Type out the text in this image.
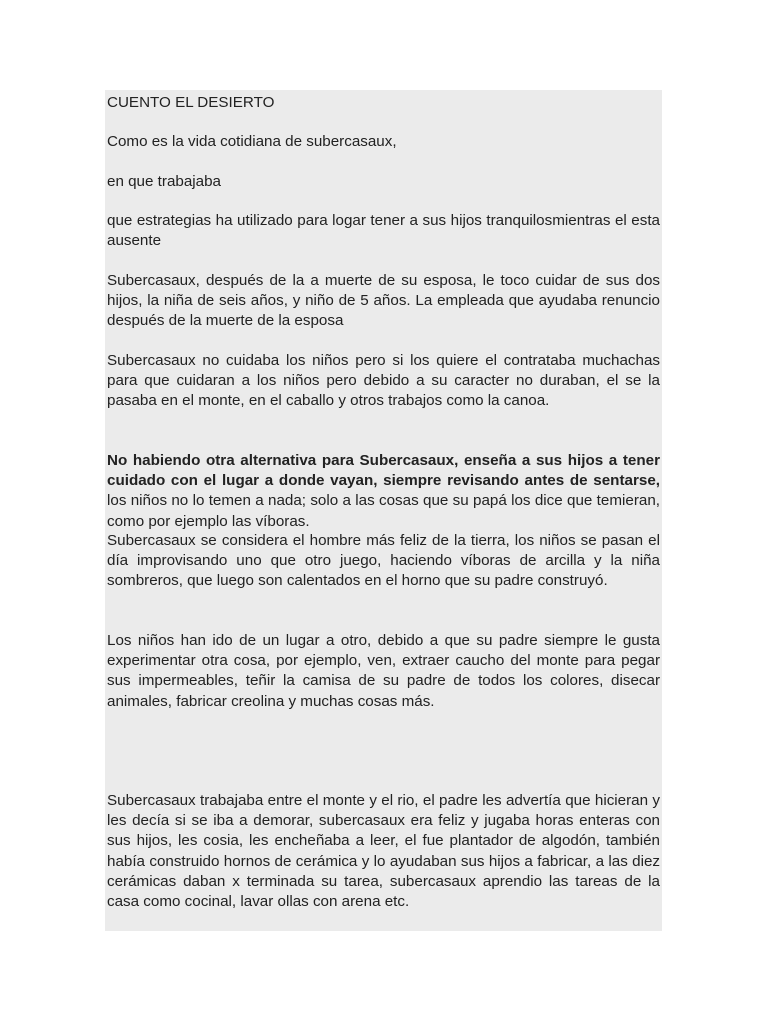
CUENTO EL DESIERTO

Como es la vida cotidiana de subercasaux,

en que trabajaba

que estrategias ha utilizado para logar tener a sus hijos tranquilosmientras el esta ausente

Subercasaux, después de la a muerte de su esposa, le toco cuidar de sus dos hijos, la niña de seis años, y niño de 5 años. La empleada que ayudaba renuncio después de la muerte de la esposa

Subercasaux no cuidaba los niños pero si los quiere el contrataba muchachas para que cuidaran a los niños pero debido a su caracter no duraban, el se la pasaba en el monte, en el caballo y otros trabajos como la canoa.

No habiendo otra alternativa para Subercasaux, enseña a sus hijos a tener cuidado con el lugar a donde vayan, siempre revisando antes de sentarse, los niños no lo temen a nada; solo a las cosas que su papá los dice que temieran, como por ejemplo las víboras.

Subercasaux se considera el hombre más feliz de la tierra, los niños se pasan el día improvisando uno que otro juego, haciendo víboras de arcilla y la niña sombreros, que luego son calentados en el horno que su padre construyó.

Los niños han ido de un lugar a otro, debido a que su padre siempre le gusta experimentar otra cosa, por ejemplo, ven, extraer caucho del monte para pegar sus impermeables, teñir la camisa de su padre de todos los colores, disecar animales, fabricar creolina y muchas cosas más.

Subercasaux trabajaba entre el monte y el rio, el padre les advertía que hicieran y les decía si se iba a demorar, subercasaux era feliz y jugaba horas enteras con sus hijos, les cosia, les encheñaba a leer, el fue plantador de algodón, también había construido hornos de cerámica y lo ayudaban sus hijos a fabricar, a las diez cerámicas daban x terminada su tarea, subercasaux aprendio las tareas de la casa como cocinal, lavar ollas con arena etc.
